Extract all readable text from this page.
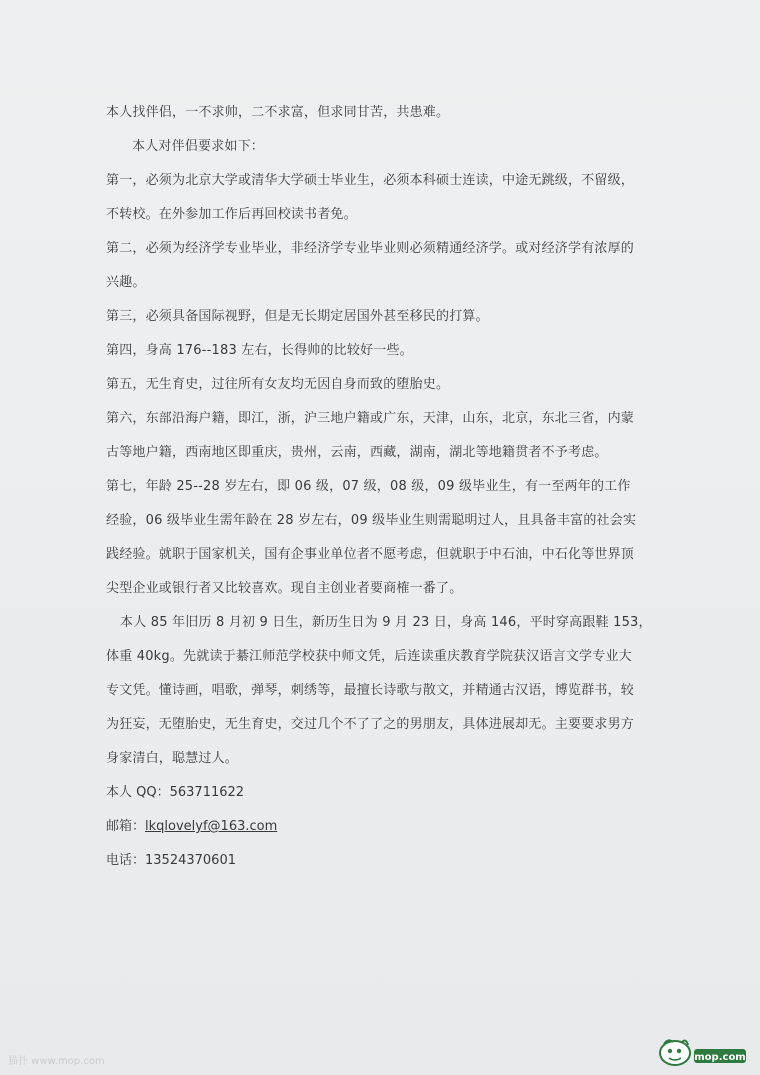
本人找伴侣，一不求帅，二不求富，但求同甘苦，共患难。

本人对伴侣要求如下：

第一，必须为北京大学或清华大学硕士毕业生，必须本科硕士连读，中途无跳级，不留级，

不转校。在外参加工作后再回校读书者免。

第二，必须为经济学专业毕业，非经济学专业毕业则必须精通经济学。或对经济学有浓厚的

兴趣。

第三，必须具备国际视野，但是无长期定居国外甚至移民的打算。

第四，身高 176--183 左右，长得帅的比较好一些。

第五，无生育史，过往所有女友均无因自身而致的堕胎史。

第六，东部沿海户籍，即江，浙，沪三地户籍或广东，天津，山东，北京，东北三省，内蒙

古等地户籍，西南地区即重庆，贵州，云南，西藏，湖南，湖北等地籍贯者不予考虑。

第七，年龄 25--28 岁左右，即 06 级，07 级，08 级，09 级毕业生，有一至两年的工作

经验，06 级毕业生需年龄在 28 岁左右，09 级毕业生则需聪明过人，且具备丰富的社会实

践经验。就职于国家机关，国有企事业单位者不愿考虑，但就职于中石油，中石化等世界顶

尖型企业或银行者又比较喜欢。现自主创业者要商榷一番了。

本人 85 年旧历 8 月初 9 日生，新历生日为 9 月 23 日，身高 146，平时穿高跟鞋 153，

体重 40kg。先就读于綦江师范学校获中师文凭，后连读重庆教育学院获汉语言文学专业大

专文凭。懂诗画，唱歌，弹琴，刺绣等，最擅长诗歌与散文，并精通古汉语，博览群书，较

为狂妄，无堕胎史，无生育史，交过几个不了了之的男朋友，具体进展却无。主要要求男方

身家清白，聪慧过人。

本人 QQ：563711622

邮箱：lkqlovelyf@163.com

电话：13524370601

猫扑 www.mop.com	mop.com
